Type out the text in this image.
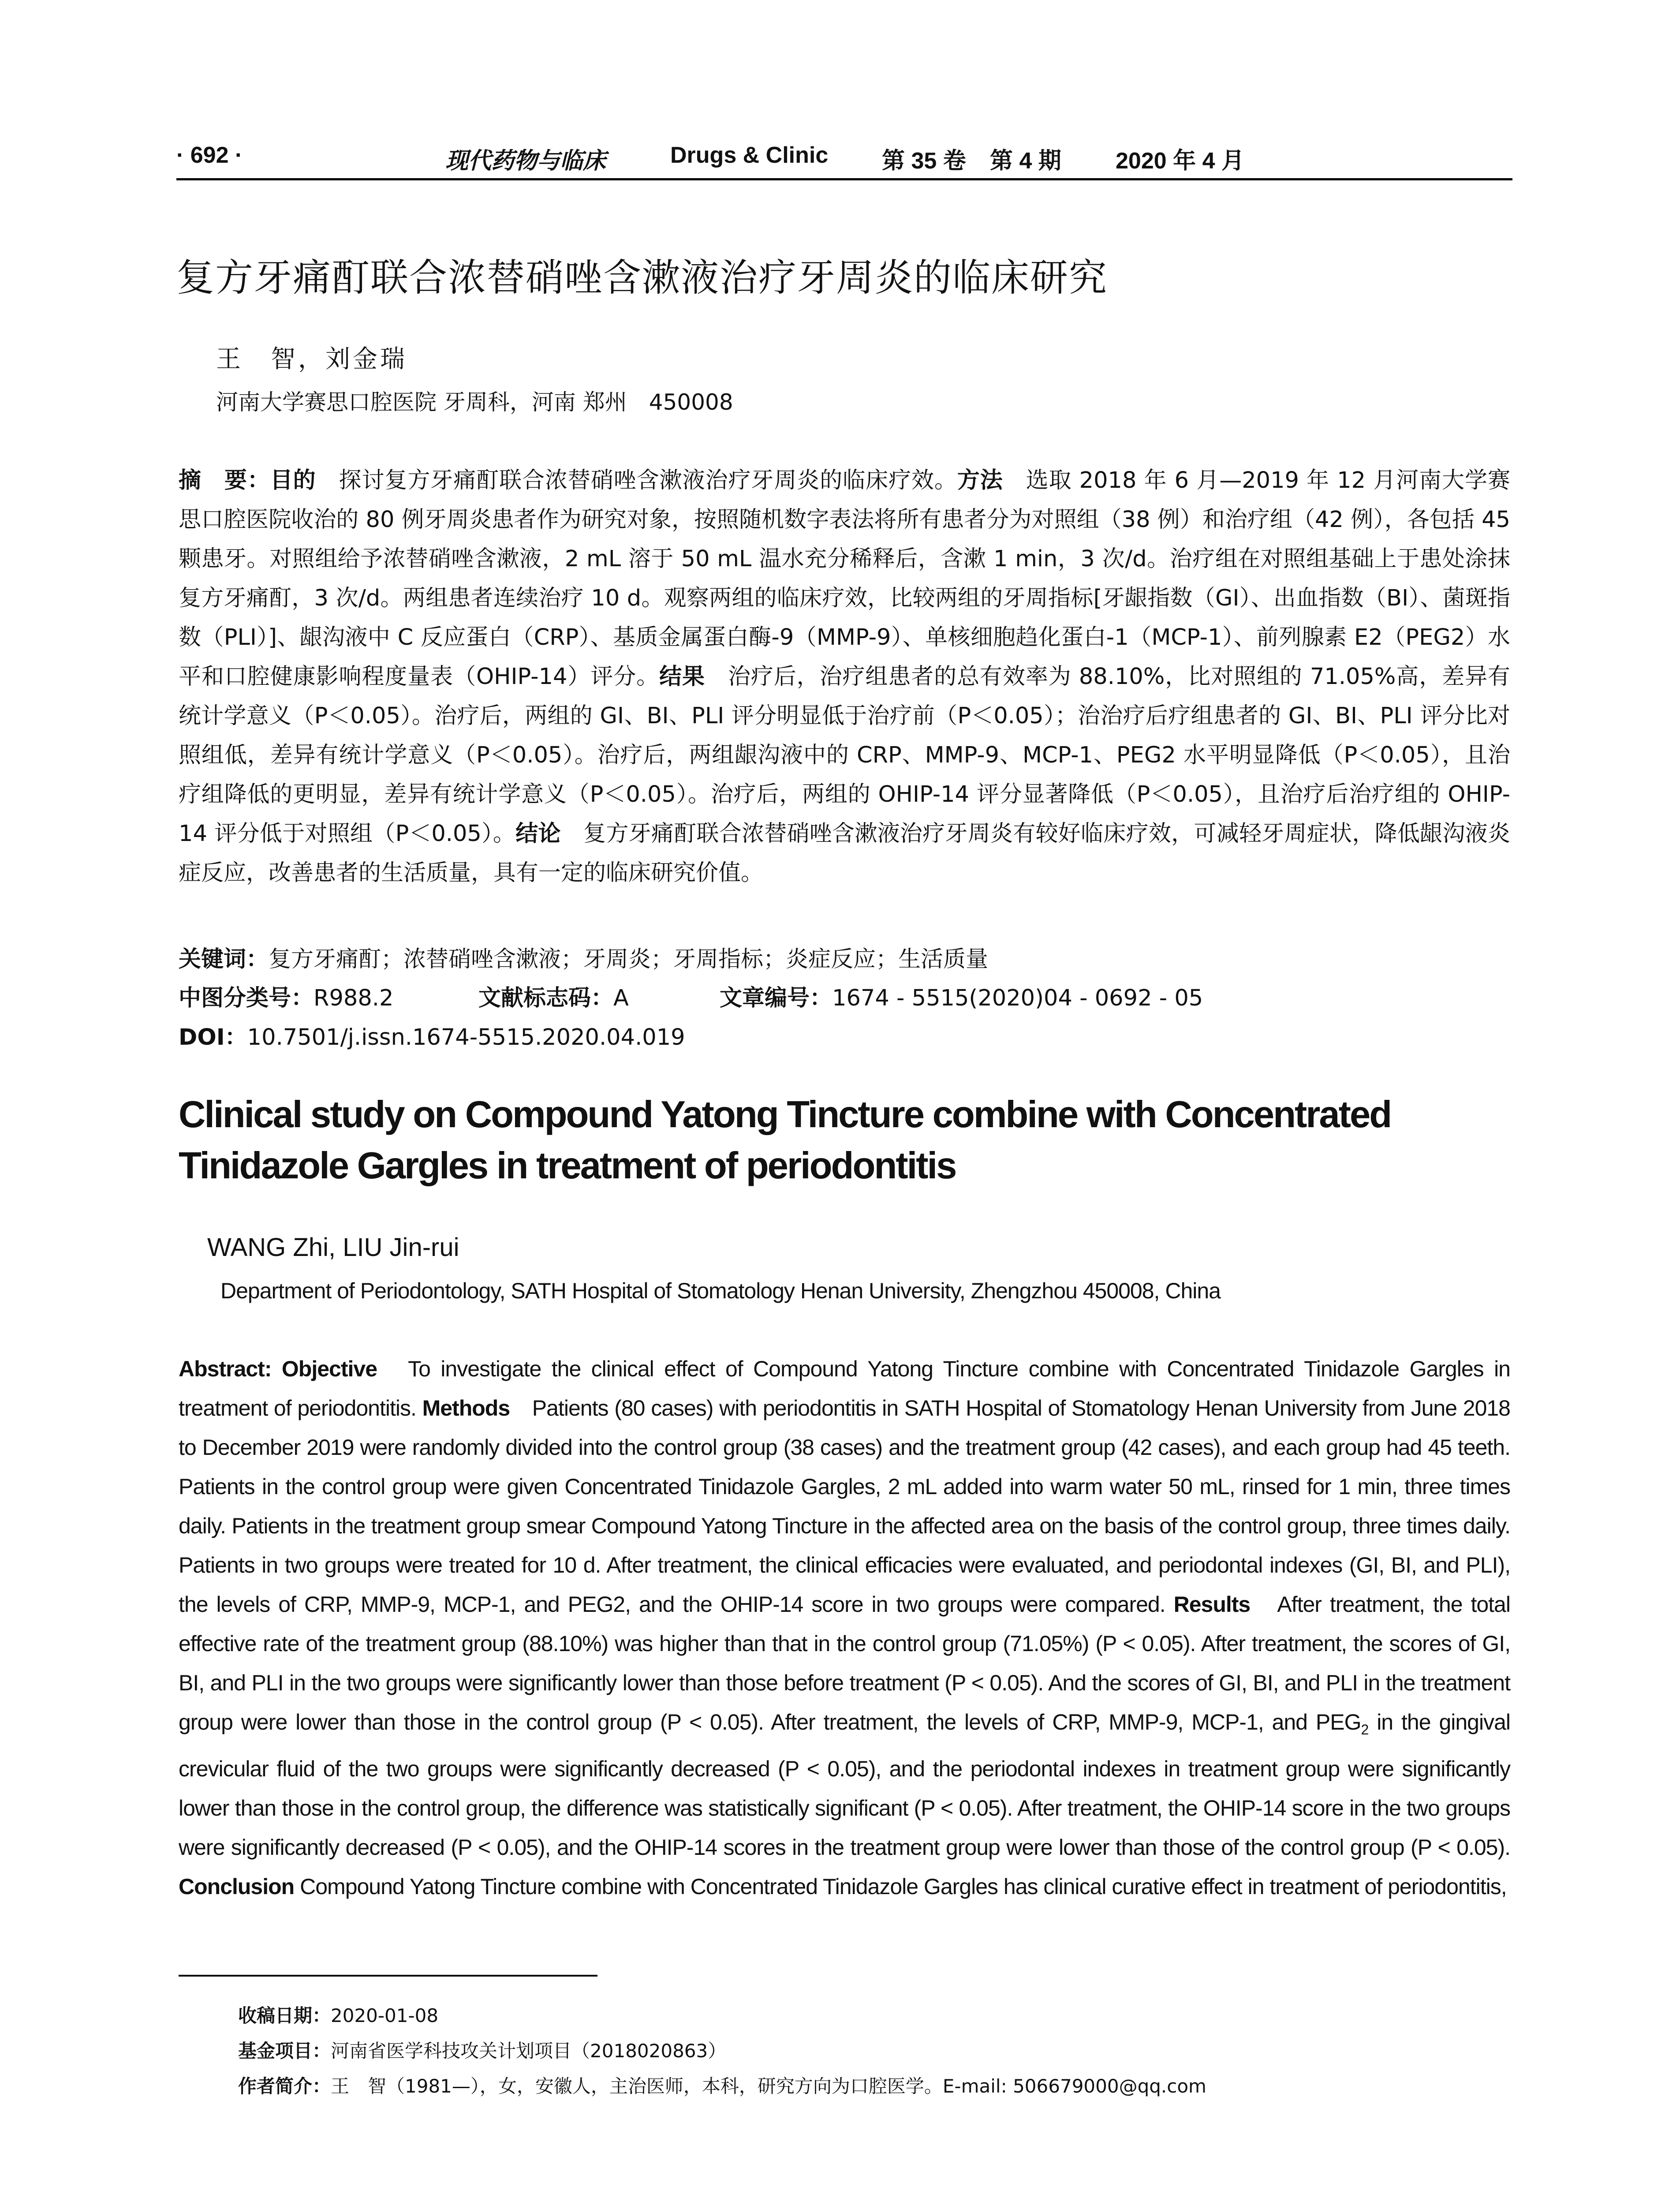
· 692 ·	现代药物与临床	Drugs & Clinic 第 35 卷 第 4 期 2020 年 4 月
复方牙痛酊联合浓替硝唑含漱液治疗牙周炎的临床研究
王　智，刘金瑞
河南大学赛思口腔医院 牙周科，河南 郑州　450008

摘　要：目的　探讨复方牙痛酊联合浓替硝唑含漱液治疗牙周炎的临床疗效。方法　选取 2018 年 6 月—2019 年 12 月河南大学赛思口腔医院收治的 80 例牙周炎患者作为研究对象，按照随机数字表法将所有患者分为对照组（38 例）和治疗组（42 例），各包括 45 颗患牙。对照组给予浓替硝唑含漱液，2 mL 溶于 50 mL 温水充分稀释后，含漱 1 min，3 次/d。治疗组在对照组基础上于患处涂抹复方牙痛酊，3 次/d。两组患者连续治疗 10 d。观察两组的临床疗效，比较两组的牙周指标[牙龈指数（GI）、出血指数（BI）、菌斑指数（PLI）]、龈沟液中 C 反应蛋白（CRP）、基质金属蛋白酶-9（MMP-9）、单核细胞趋化蛋白-1（MCP-1）、前列腺素 E2（PEG2）水平和口腔健康影响程度量表（OHIP-14）评分。结果　治疗后，治疗组患者的总有效率为 88.10%，比对照组的 71.05%高，差异有统计学意义（P＜0.05）。治疗后，两组的 GI、BI、PLI 评分明显低于治疗前（P＜0.05）；治治疗后疗组患者的 GI、BI、PLI 评分比对照组低，差异有统计学意义（P＜0.05）。治疗后，两组龈沟液中的 CRP、MMP-9、MCP-1、PEG2 水平明显降低（P＜0.05），且治疗组降低的更明显，差异有统计学意义（P＜0.05）。治疗后，两组的 OHIP-14 评分显著降低（P＜0.05），且治疗后治疗组的 OHIP-14 评分低于对照组（P＜0.05）。结论　复方牙痛酊联合浓替硝唑含漱液治疗牙周炎有较好临床疗效，可减轻牙周症状，降低龈沟液炎症反应，改善患者的生活质量，具有一定的临床研究价值。

关键词：复方牙痛酊；浓替硝唑含漱液；牙周炎；牙周指标；炎症反应；生活质量
中图分类号：R988.2	文献标志码：A	文章编号：1674 - 5515(2020)04 - 0692 - 05
DOI：10.7501/j.issn.1674-5515.2020.04.019
Clinical study on Compound Yatong Tincture combine with Concentrated Tinidazole Gargles in treatment of periodontitis
WANG Zhi, LIU Jin-rui
Department of Periodontology, SATH Hospital of Stomatology Henan University, Zhengzhou 450008, China

Abstract: Objective　To investigate the clinical effect of Compound Yatong Tincture combine with Concentrated Tinidazole Gargles in treatment of periodontitis. Methods　Patients (80 cases) with periodontitis in SATH Hospital of Stomatology Henan University from June 2018 to December 2019 were randomly divided into the control group (38 cases) and the treatment group (42 cases), and each group had 45 teeth. Patients in the control group were given Concentrated Tinidazole Gargles, 2 mL added into warm water 50 mL, rinsed for 1 min, three times daily. Patients in the treatment group smear Compound Yatong Tincture in the affected area on the basis of the control group, three times daily. Patients in two groups were treated for 10 d. After treatment, the clinical efficacies were evaluated, and periodontal indexes (GI, BI, and PLI), the levels of CRP, MMP-9, MCP-1, and PEG2, and the OHIP-14 score in two groups were compared. Results　After treatment, the total effective rate of the treatment group (88.10%) was higher than that in the control group (71.05%) (P < 0.05). After treatment, the scores of GI, BI, and PLI in the two groups were significantly lower than those before treatment (P < 0.05). And the scores of GI, BI, and PLI in the treatment group were lower than those in the control group (P < 0.05). After treatment, the levels of CRP, MMP-9, MCP-1, and $PEG_2$ in the gingival crevicular fluid of the two groups were significantly decreased (P < 0.05), and the periodontal indexes in treatment group were significantly lower than those in the control group, the difference was statistically significant (P < 0.05). After treatment, the OHIP-14 score in the two groups were significantly decreased (P < 0.05), and the OHIP-14 scores in the treatment group were lower than those of the control group (P < 0.05). Conclusion Compound Yatong Tincture combine with Concentrated Tinidazole Gargles has clinical curative effect in treatment of periodontitis,

收稿日期：2020-01-08
基金项目：河南省医学科技攻关计划项目（2018020863）
作者简介：王　智（1981—），女，安徽人，主治医师，本科，研究方向为口腔医学。E-mail: 506679000@qq.com
